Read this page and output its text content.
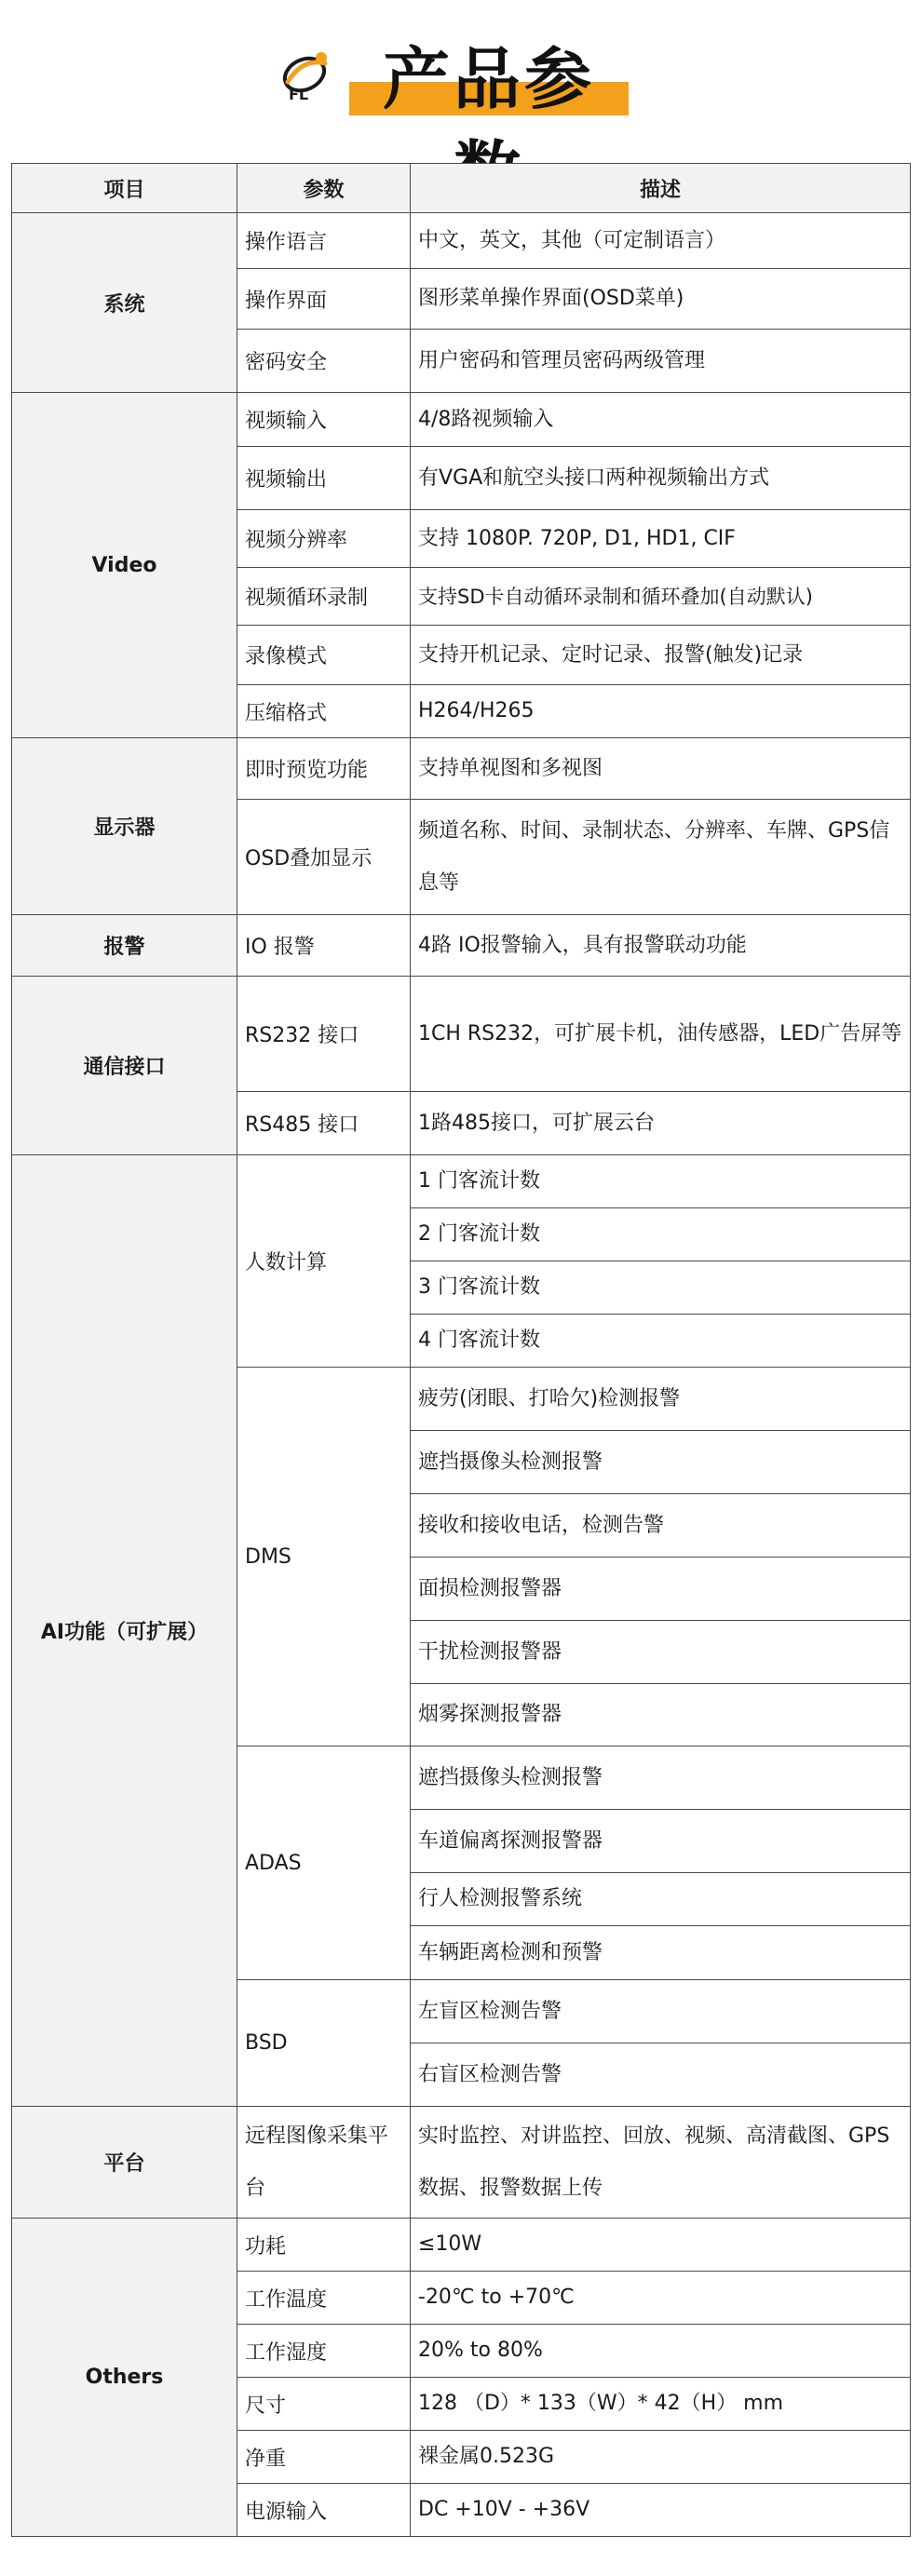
FL	产品参
项目	参数	描述
系统	操作语言	中文，英文，其他（可定制语言）
	操作界面	图形菜单操作界面(OSD菜单)
	密码安全	用户密码和管理员密码两级管理
Video	视频输入	4/8路视频输入
	视频输出	有VGA和航空头接口两种视频输出方式
	视频分辨率	支持 1080P. 720P, D1, HD1, CIF
	视频循环录制	支持SD卡自动循环录制和循环叠加(自动默认)
	录像模式	支持开机记录、定时记录、报警(触发)记录
	压缩格式	H264/H265
显示器	即时预览功能	支持单视图和多视图
	OSD叠加显示	频道名称、时间、录制状态、分辨率、车牌、GPS信息等
报警	IO 报警	4路 IO报警输入，具有报警联动功能
通信接口	RS232 接口	1CH RS232，可扩展卡机，油传感器，LED广告屏等
	RS485 接口	1路485接口，可扩展云台
AI功能（可扩展）	人数计算	1 门客流计数
		2 门客流计数
		3 门客流计数
		4 门客流计数
	DMS	疲劳(闭眼、打哈欠)检测报警
		遮挡摄像头检测报警
		接收和接收电话，检测告警
		面损检测报警器
		干扰检测报警器
		烟雾探测报警器
	ADAS	遮挡摄像头检测报警
		车道偏离探测报警器
		行人检测报警系统
		车辆距离检测和预警
	BSD	左盲区检测告警
		右盲区检测告警
平台	远程图像采集平台	实时监控、对讲监控、回放、视频、高清截图、GPS数据、报警数据上传
Others	功耗	≤10W
	工作温度	-20℃ to +70℃
	工作湿度	20% to 80%
	尺寸	128 （D）* 133（W）* 42（H） mm
	净重	裸金属0.523G
	电源输入	DC +10V - +36V
